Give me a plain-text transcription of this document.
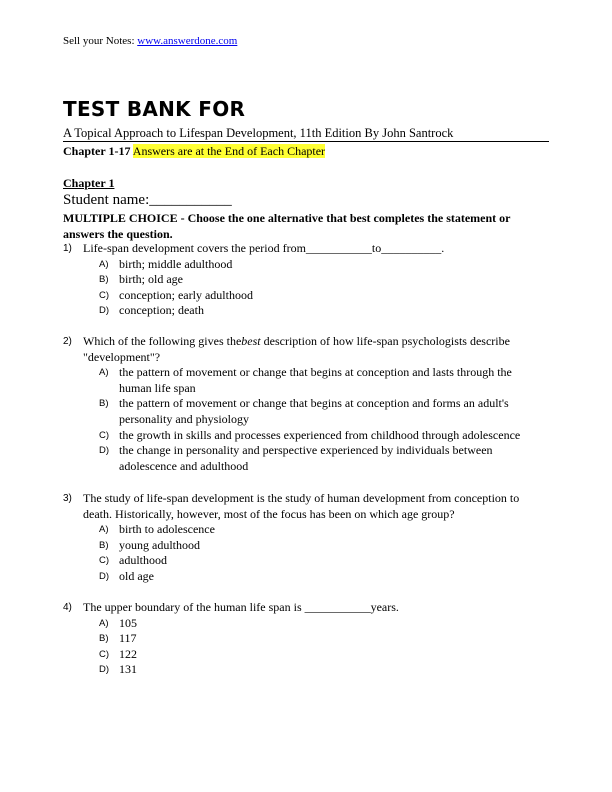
Sell your Notes: www.answerdone.com
TEST BANK FOR
A Topical Approach to Lifespan Development, 11th Edition By John Santrock
Chapter 1-17 Answers are at the End of Each Chapter
Chapter 1
Student name:___________
MULTIPLE CHOICE - Choose the one alternative that best completes the statement or answers the question.
1) Life-span development covers the period from___________to__________.
A) birth; middle adulthood
B) birth; old age
C) conception; early adulthood
D) conception; death
2) Which of the following gives thebest description of how life-span psychologists describe "development"?
A) the pattern of movement or change that begins at conception and lasts through the human life span
B) the pattern of movement or change that begins at conception and forms an adult's personality and physiology
C) the growth in skills and processes experienced from childhood through adolescence
D) the change in personality and perspective experienced by individuals between adolescence and adulthood
3) The study of life-span development is the study of human development from conception to death. Historically, however, most of the focus has been on which age group?
A) birth to adolescence
B) young adulthood
C) adulthood
D) old age
4) The upper boundary of the human life span is ___________years.
A) 105
B) 117
C) 122
D) 131
